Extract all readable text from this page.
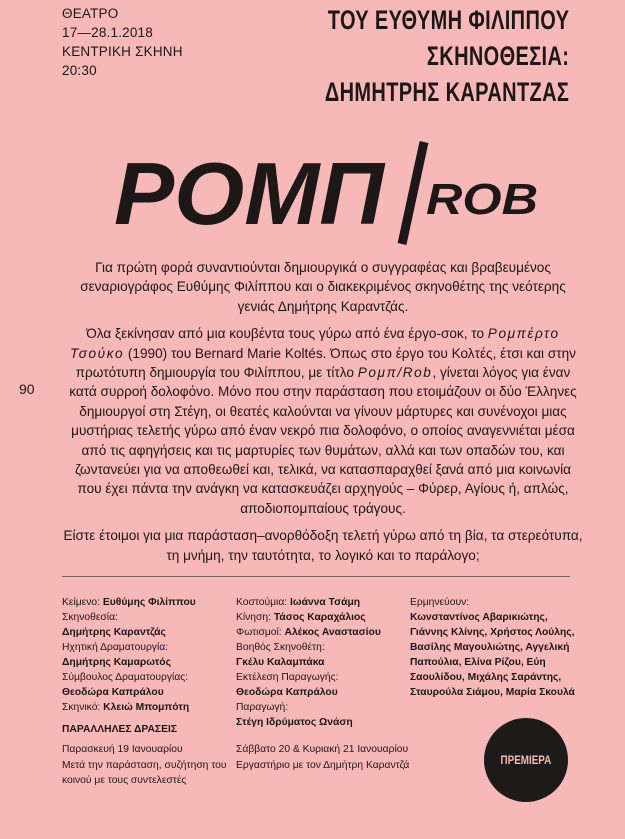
ΘΕΑΤΡΟ
17—28.1.2018
ΚΕΝΤΡΙΚΗ ΣΚΗΝΗ
20:30
ΤΟΥ ΕΥΘΥΜΗ ΦΙΛΙΠΠΟΥ
ΣΚΗΝΟΘΕΣΙΑ:
ΔΗΜΗΤΡΗΣ ΚΑΡΑΝΤΖΑΣ
ΡΟΜΠ ROB
90

Για πρώτη φορά συναντιούνται δημιουργικά ο συγγραφέας και βραβευμένος σεναριογράφος Ευθύμης Φιλίππου και ο διακεκριμένος σκηνοθέτης της νεότερης γενιάς Δημήτρης Καραντζάς.

Όλα ξεκίνησαν από μια κουβέντα τους γύρω από ένα έργο-σοκ, το Ρομπέρτο Τσούκο (1990) του Bernard Marie Koltés. Όπως στο έργο του Κολτές, έτσι και στην πρωτότυπη δημιουργία του Φιλίππου, με τίτλο Ρομπ/Rob, γίνεται λόγος για έναν κατά συρροή δολοφόνο. Μόνο που στην παράσταση που ετοιμάζουν οι δύο Έλληνες δημιουργοί στη Στέγη, οι θεατές καλούνται να γίνουν μάρτυρες και συνένοχοι μιας μυστήριας τελετής γύρω από έναν νεκρό πια δολοφόνο, ο οποίος αναγεννιέται μέσα από τις αφηγήσεις και τις μαρτυρίες των θυμάτων, αλλά και των οπαδών του, και ζωντανεύει για να αποθεωθεί και, τελικά, να κατασπαραχθεί ξανά από μια κοινωνία που έχει πάντα την ανάγκη να κατασκευάζει αρχηγούς – Φύρερ, Αγίους ή, απλώς, αποδιοπομπαίους τράγους.

Είστε έτοιμοι για μια παράσταση–ανορθόδοξη τελετή γύρω από τη βία, τα στερεότυπα, τη μνήμη, την ταυτότητα, το λογικό και το παράλογο;

Κείμενο: Ευθύμης Φιλίππου
Σκηνοθεσία:
Δημήτρης Καραντζάς
Ηχητική Δραματουργία:
Δημήτρης Καμαρωτός
Σύμβουλος Δραματουργίας:
Θεοδώρα Καπράλου
Σκηνικό: Κλειώ Μπομπότη
Κοστούμια: Ιωάννα Τσάμη
Κίνηση: Τάσος Καραχάλιος
Φωτισμοί: Αλέκος Αναστασίου
Βοηθός Σκηνοθέτη:
Γκέλυ Καλαμπάκα
Εκτέλεση Παραγωγής:
Θεοδώρα Καπράλου
Παραγωγή:
Στέγη Ιδρύματος Ωνάση
Ερμηνεύουν:
Κωνσταντίνος Αβαρικιώτης, Γιάννης Κλίνης, Χρήστος Λούλης, Βασίλης Μαγουλιώτης, Αγγελική Παπούλια, Ελίνα Ρίζου, Εύη Σαουλίδου, Μιχάλης Σαράντης, Σταυρούλα Σιάμου, Μαρία Σκουλά
ΠΑΡΑΛΛΗΛΕΣ ΔΡΑΣΕΙΣ
Παρασκευή 19 Ιανουαρίου
Μετά την παράσταση, συζήτηση του κοινού με τους συντελεστές
Σάββατο 20 & Κυριακή 21 Ιανουαρίου
Εργαστήριο με τον Δημήτρη Καραντζά	ΠΡΕΜΙΕΡΑ
